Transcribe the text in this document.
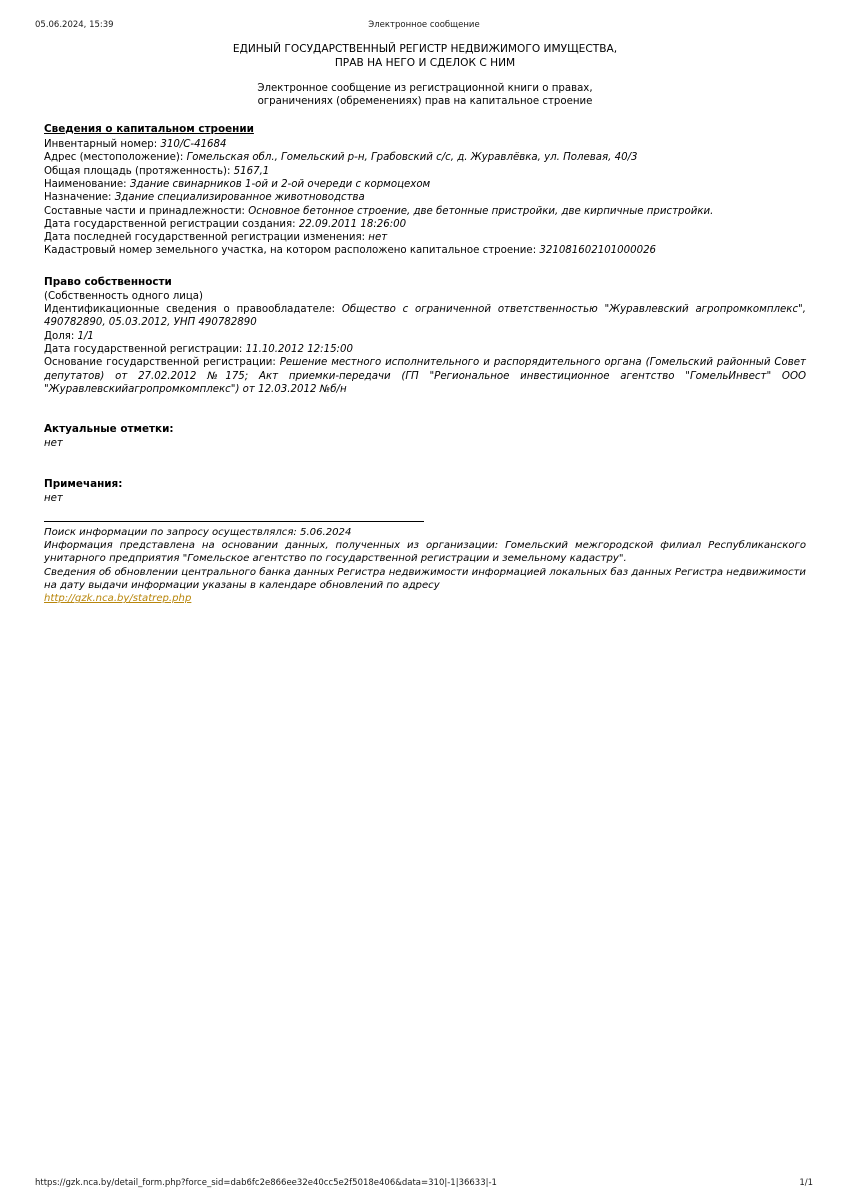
05.06.2024, 15:39	Электронное сообщение
ЕДИНЫЙ ГОСУДАРСТВЕННЫЙ РЕГИСТР НЕДВИЖИМОГО ИМУЩЕСТВА,
ПРАВ НА НЕГО И СДЕЛОК С НИМ
Электронное сообщение из регистрационной книги о правах,
ограничениях (обременениях) прав на капитальное строение
Сведения о капитальном строении
Инвентарный номер: 310/С-41684
Адрес (местоположение): Гомельская обл., Гомельский р-н, Грабовский с/с, д. Журавлёвка, ул. Полевая, 40/3
Общая площадь (протяженность): 5167,1
Наименование: Здание свинарников 1-ой и 2-ой очереди с кормоцехом
Назначение: Здание специализированное животноводства
Составные части и принадлежности: Основное бетонное строение, две бетонные пристройки, две кирпичные пристройки.
Дата государственной регистрации создания: 22.09.2011 18:26:00
Дата последней государственной регистрации изменения: нет
Кадастровый номер земельного участка, на котором расположено капитальное строение: 321081602101000026
Право собственности
(Собственность одного лица)
Идентификационные сведения о правообладателе: Общество с ограниченной ответственностью "Журавлевский агропромкомплекс", 490782890, 05.03.2012, УНП 490782890
Доля: 1/1
Дата государственной регистрации: 11.10.2012 12:15:00
Основание государственной регистрации: Решение местного исполнительного и распорядительного органа (Гомельский районный Совет депутатов) от 27.02.2012 №175; Акт приемки-передачи (ГП "Региональное инвестиционное агентство "ГомельИнвест" ООО "Журавлевскийагропромкомплекс") от 12.03.2012 №б/н
Актуальные отметки:
нет
Примечания:
нет
Поиск информации по запросу осуществлялся: 5.06.2024
Информация представлена на основании данных, полученных из организации: Гомельский межгородской филиал Республиканского унитарного предприятия "Гомельское агентство по государственной регистрации и земельному кадастру".
Сведения об обновлении центрального банка данных Регистра недвижимости информацией локальных баз данных Регистра недвижимости на дату выдачи информации указаны в календаре обновлений по адресу
http://gzk.nca.by/statrep.php
https://gzk.nca.by/detail_form.php?force_sid=dab6fc2e866ee32e40cc5e2f5018e406&data=310|-1|36633|-1	1/1
